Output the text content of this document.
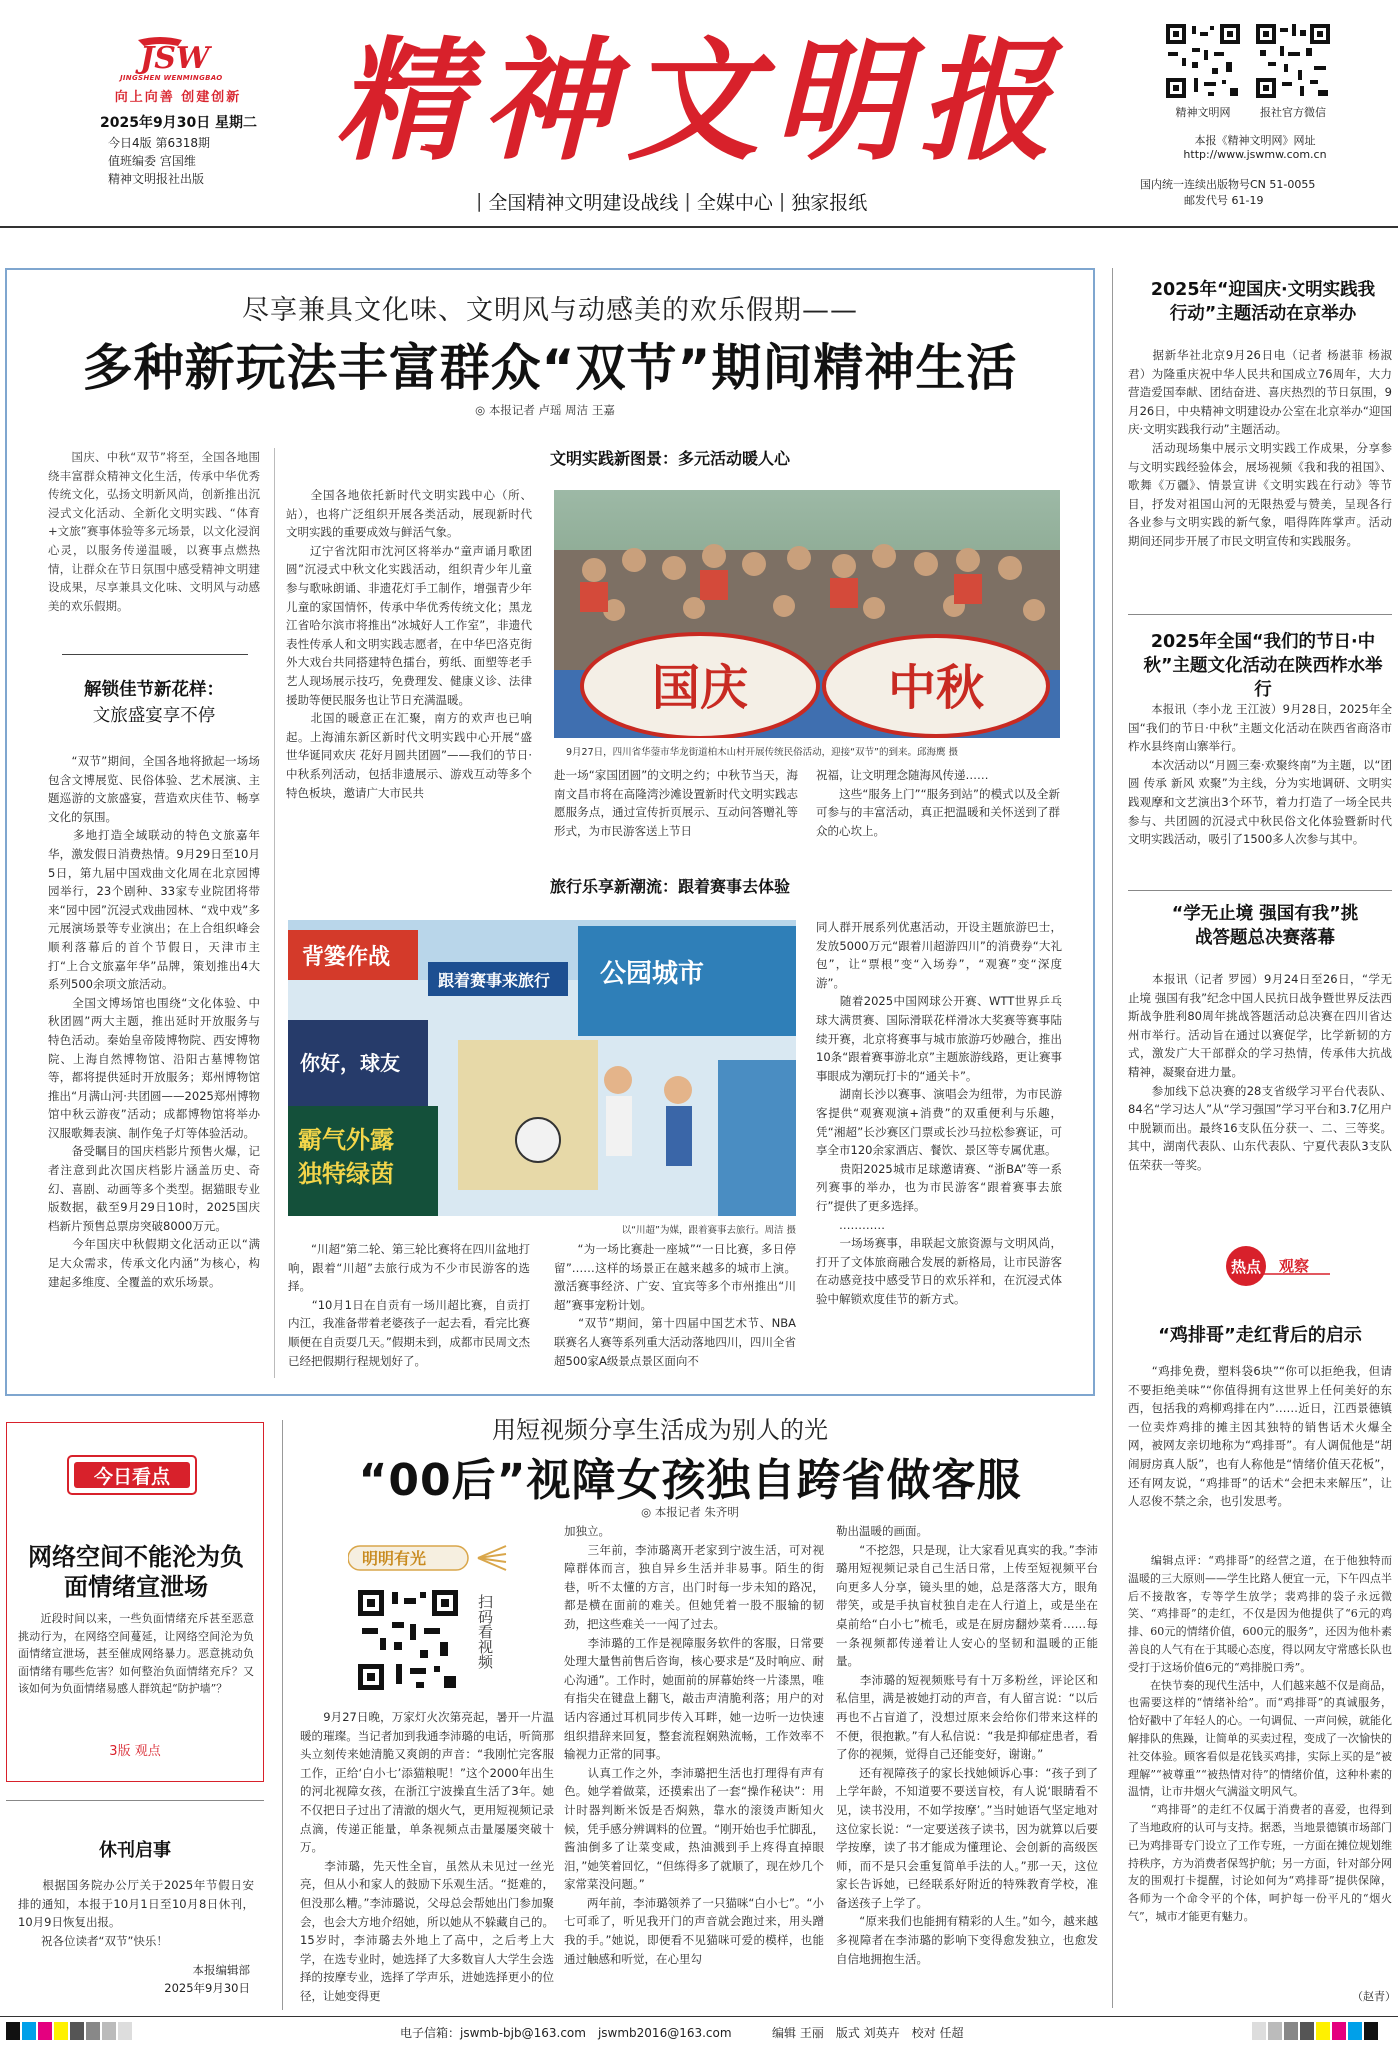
JSW
JINGSHEN WENMINGBAO
向上向善 创建创新
2025年9月30日 星期二
今日4版 第6318期
值班编委 宫国维
精神文明报社出版 精神文明报	精神文明网	报社官方微信
本报《精神文明网》网址
http://www.jswmw.com.cn
国内统一连续出版物号CN 51-0055
邮发代号 61-19
| 全国精神文明建设战线 | 全媒中心 | 独家报纸
尽享兼具文化味、文明风与动感美的欢乐假期——
多种新玩法丰富群众“双节”期间精神生活
◎ 本报记者 卢瑶 周洁 王嘉
　　国庆、中秋“双节”将至，全国各地围绕丰富群众精神文化生活，传承中华优秀传统文化，弘扬文明新风尚，创新推出沉浸式文化活动、全新化文明实践、“体育+文旅”赛事体验等多元场景，以文化浸润心灵，以服务传递温暖，以赛事点燃热情，让群众在节日氛围中感受精神文明建设成果，尽享兼具文化味、文明风与动感美的欢乐假期。
解锁佳节新花样：
文旅盛宴享不停
　　“双节”期间，全国各地将掀起一场场包含文博展览、民俗体验、艺术展演、主题巡游的文旅盛宴，营造欢庆佳节、畅享文化的氛围。
　　多地打造全域联动的特色文旅嘉年华，激发假日消费热情。9月29日至10月5日，第九届中国戏曲文化周在北京园博园举行，23个剧种、33家专业院团将带来“园中园”沉浸式戏曲园林、“戏中戏”多元展演场景等专业演出；在上合组织峰会顺利落幕后的首个节假日，天津市主打“上合文旅嘉年华”品牌，策划推出4大系列500余项文旅活动。
　　全国文博场馆也围绕“文化体验、中秋团圆”两大主题，推出延时开放服务与特色活动。秦始皇帝陵博物院、西安博物院、上海自然博物馆、沿阳古墓博物馆等，都将提供延时开放服务；郑州博物馆推出“月满山河·共团圆——2025郑州博物馆中秋云游夜”活动；成都博物馆将举办汉服歌舞表演、制作兔子灯等体验活动。
　　备受瞩目的国庆档影片预售火爆，记者注意到此次国庆档影片涵盖历史、奇幻、喜剧、动画等多个类型。据猫眼专业版数据，截至9月29日10时，2025国庆档新片预售总票房突破8000万元。
　　今年国庆中秋假期文化活动正以“满足大众需求，传承文化内涵”为核心，构建起多维度、全覆盖的欢乐场景。
文明实践新图景：多元活动暖人心
　　全国各地依托新时代文明实践中心（所、站），也将广泛组织开展各类活动，展现新时代文明实践的重要成效与鲜活气象。
　　辽宁省沈阳市沈河区将举办“童声诵月歌团圆”沉浸式中秋文化实践活动，组织青少年儿童参与歌咏朗诵、非遗花灯手工制作，增强青少年儿童的家国情怀，传承中华优秀传统文化；黑龙江省哈尔滨市将推出“冰城好人工作室”，非遗代表性传承人和文明实践志愿者，在中华巴洛克街外大戏台共同搭建特色擂台，剪纸、面塑等老手艺人现场展示技巧，免费理发、健康义诊、法律援助等便民服务也让节日充满温暖。
　　北国的暖意正在汇聚，南方的欢声也已响起。上海浦东新区新时代文明实践中心开展“盛世华诞同欢庆 花好月圆共团圆”——我们的节日·中秋系列活动，包括非遗展示、游戏互动等多个特色板块，邀请广大市民共
国庆	中秋
9月27日，四川省华蓥市华龙街道柏木山村开展传统民俗活动，迎接“双节”的到来。邱海鹰 摄
赴一场“家国团圆”的文明之约；中秋节当天，海南文昌市将在高隆湾沙滩设置新时代文明实践志愿服务点，通过宣传折页展示、互动问答赠礼等形式，为市民游客送上节日
祝福，让文明理念随海风传递……
　　这些“服务上门”“服务到站”的模式以及全新可参与的丰富活动，真正把温暖和关怀送到了群众的心坎上。
旅行乐享新潮流：跟着赛事去体验
背篓作战
跟着赛事来旅行 公园城市
你好，球友
霸气外露
独特绿茵
以“川超”为媒，跟着赛事去旅行。周洁 摄
　　“川超”第二轮、第三轮比赛将在四川盆地打响，跟着“川超”去旅行成为不少市民游客的选择。
　　“10月1日在自贡有一场川超比赛，自贡打内江，我准备带着老婆孩子一起去看，看完比赛顺便在自贡耍几天。”假期未到，成都市民周文杰已经把假期行程规划好了。
　　“为一场比赛赴一座城”“一日比赛，多日停留”……这样的场景正在越来越多的城市上演。激活赛事经济、广安、宜宾等多个市州推出“川超”赛事宠粉计划。
　　“双节”期间，第十四届中国艺术节、NBA联赛名人赛等系列重大活动落地四川，四川全省超500家A级景点景区面向不
同人群开展系列优惠活动，开设主题旅游巴士，发放5000万元“跟着川超游四川”的消费券“大礼包”，让“票根”变“入场券”，“观赛”变“深度游”。
　　随着2025中国网球公开赛、WTT世界乒乓球大满贯赛、国际滑联花样滑冰大奖赛等赛事陆续开赛，北京将赛事与城市旅游巧妙融合，推出10条“跟着赛事游北京”主题旅游线路，更让赛事事眼成为潮玩打卡的“通关卡”。
　　湖南长沙以赛事、演唱会为纽带，为市民游客提供“观赛观演+消费”的双重便利与乐趣，凭“湘超”长沙赛区门票或长沙马拉松参赛证，可享全市120余家酒店、餐饮、景区等专属优惠。
　　贵阳2025城市足球邀请赛、“浙BA”等一系列赛事的举办，也为市民游客“跟着赛事去旅行”提供了更多选择。
　　…………
　　一场场赛事，串联起文旅资源与文明风尚，打开了文体旅商融合发展的新格局，让市民游客在动感竞技中感受节日的欢乐祥和，在沉浸式体验中解锁欢度佳节的新方式。
2025年“迎国庆·文明实践我行动”主题活动在京举办
　　据新华社北京9月26日电（记者 杨湛菲 杨淑君）为隆重庆祝中华人民共和国成立76周年，大力营造爱国奉献、团结奋进、喜庆热烈的节日氛围，9月26日，中央精神文明建设办公室在北京举办“迎国庆·文明实践我行动”主题活动。
　　活动现场集中展示文明实践工作成果，分享参与文明实践经验体会，展场视频《我和我的祖国》、歌舞《万疆》、情景宣讲《文明实践在行动》等节目，抒发对祖国山河的无限热爱与赞美，呈现各行各业参与文明实践的新气象，唱得阵阵掌声。活动期间还同步开展了市民文明宣传和实践服务。
2025年全国“我们的节日·中秋”主题文化活动在陕西柞水举行
　　本报讯（李小龙 王江波）9月28日，2025年全国“我们的节日·中秋”主题文化活动在陕西省商洛市柞水县终南山寨举行。
　　本次活动以“月圆三秦·欢聚终南”为主题，以“团圆 传承 新风 欢聚”为主线，分为实地调研、文明实践观摩和文艺演出3个环节，着力打造了一场全民共参与、共团圆的沉浸式中秋民俗文化体验暨新时代文明实践活动，吸引了1500多人次参与其中。
“学无止境 强国有我”挑战答题总决赛落幕
　　本报讯（记者 罗园）9月24日至26日，“学无止境 强国有我”纪念中国人民抗日战争暨世界反法西斯战争胜利80周年挑战答题活动总决赛在四川省达州市举行。活动旨在通过以赛促学，比学新韧的方式，激发广大干部群众的学习热情，传承伟大抗战精神，凝聚奋进力量。
　　参加线下总决赛的28支省级学习平台代表队、84名“学习达人”从“学习强国”学习平台和3.7亿用户中脱颖而出。最终16支队伍分获一、二、三等奖。其中，湖南代表队、山东代表队、宁夏代表队3支队伍荣获一等奖。
热点 观察
“鸡排哥”走红背后的启示
　　“鸡排免费，塑料袋6块”“你可以拒绝我，但请不要拒绝美味”“你值得拥有这世界上任何美好的东西，包括我的鸡柳鸡排在内”……近日，江西景德镇一位卖炸鸡排的摊主因其独特的销售话术火爆全网，被网友亲切地称为“鸡排哥”。有人调侃他是“胡闹厨房真人版”，也有人称他是“情绪价值天花板”，还有网友说，“鸡排哥”的话术“会把未来解压”，让人忍俊不禁之余，也引发思考。
　　编辑点评：“鸡排哥”的经营之道，在于他独特而温暖的三大原则——学生比路人便宜一元，下午四点半后不接散客，专等学生放学；裴鸡排的袋子永远微笑、“鸡排哥”的走红，不仅是因为他提供了“6元的鸡排、60元的情绪价值，600元的服务”，还因为他朴素善良的人气有在于其暖心态度，得以网友守常感长队也受打于这场价值6元的“鸡排脱口秀”。
　　在快节奏的现代生活中，人们越来越不仅是商品，也需要这样的“情绪补给”。而“鸡排哥”的真诚服务，恰好戳中了年轻人的心。一句调侃、一声问候，就能化解排队的焦躁，让简单的买卖过程，变成了一次愉快的社交体验。顾客看似是花钱买鸡排，实际上买的是“被理解”“被尊重”“被热情对待”的情绪价值，这种朴素的温情，让市井烟火气满溢文明风气。
　　“鸡排哥”的走红不仅属于消费者的喜爱，也得到了当地政府的认可与支持。据悉，当地景德镇市场部门已为鸡排哥专门设立了工作专班，一方面在摊位规划维持秩序，方为消费者保驾护航；另一方面，针对部分网友的围观打卡提醒，讨论如何为“鸡排哥”提供保障，各师为一个命令平的个体，呵护每一份平凡的“烟火气”，城市才能更有魅力。
（赵青）
用短视频分享生活成为别人的光
“00后”视障女孩独自跨省做客服
◎ 本报记者 朱齐明
明明有光
扫码看视频
　　9月27日晚，万家灯火次第亮起，暑开一片温暖的璀璨。当记者加到我通李沛璐的电话，听筒那头立刻传来她清脆又爽朗的声音：“我刚忙完客服工作，正给‘白小七’添猫粮呢！”这个2000年出生的河北视障女孩，在浙江宁波操直生活了3年。她不仅把日子过出了清澈的烟火气，更用短视频记录点滴，传递正能量，单条视频点击量屡屡突破十万。
　　李沛璐，先天性全盲，虽然从未见过一丝光亮，但从小和家人的鼓励下乐观生活。“挺难的，但没那么糟。”李沛璐说，父母总会帮她出门参加聚会，也会大方地介绍她，所以她从不躲藏自己的。15岁时，李沛璐去外地上了高中，之后考上大学，在选专业时，她选择了大多数盲人大学生会选择的按摩专业，选择了学声乐，进她选择更小的位径，让她变得更
加独立。
　　三年前，李沛璐离开老家到宁波生活，可对视障群体而言，独自异乡生活并非易事。陌生的街巷，听不太懂的方言，出门时每一步未知的路况，都是横在面前的难关。但她凭着一股不服输的韧劲，把这些难关一一闯了过去。
　　李沛璐的工作是视障服务软件的客服，日常要处理大量售前售后咨询，核心要求是“及时响应、耐心沟通”。工作时，她面前的屏幕始终一片漆黑，唯有指尖在键盘上翻飞，敲击声清脆利落；用户的对话内容通过耳机同步传入耳畔，她一边听一边快速组织措辞来回复，整套流程娴熟流畅，工作效率不输视力正常的同事。
　　认真工作之外，李沛璐把生活也打理得有声有色。她学着做菜，还摸索出了一套“操作秘诀”：用计时器判断米饭是否焖熟，靠水的滚烫声断知火候，凭手感分辨调料的位置。“刚开始也手忙脚乱，酱油倒多了让菜变咸，热油溅到手上疼得直掉眼泪，”她笑着回忆，“但练得多了就顺了，现在炒几个家常菜没问题。”
　　两年前，李沛璐领养了一只猫咪“白小七”。“小七可乖了，听见我开门的声音就会跑过来，用头蹭我的手。”她说，即便看不见猫咪可爱的模样，也能通过触感和听觉，在心里勾
勒出温暖的画面。
　　“不挖怨，只是现，让大家看见真实的我。”李沛璐用短视频记录自己生活日常，上传至短视频平台向更多人分享，镜头里的她，总是落落大方，眼角带笑，或是手执盲杖独自走在人行道上，或是坐在桌前给“白小七”梳毛，或是在厨房翻炒菜肴……每一条视频都传递着让人安心的坚韧和温暖的正能量。
　　李沛璐的短视频账号有十万多粉丝，评论区和私信里，满是被她打动的声音，有人留言说：“以后再也不占盲道了，没想过原来会给你们带来这样的不便，很抱歉。”有人私信说：“我是抑郁症患者，看了你的视频，觉得自己还能变好，谢谢。”
　　还有视障孩子的家长找她倾诉心事：“孩子到了上学年龄，不知道要不要送盲校，有人说‘眼睛看不见，读书没用，不如学按摩’。”当时她语气坚定地对这位家长说：“一定要送孩子读书，因为就算以后要学按摩，读了书才能成为懂理论、会创新的高级医师，而不是只会重复简单手法的人。”那一天，这位家长告诉她，已经联系好附近的特殊教育学校，准备送孩子上学了。
　　“原来我们也能拥有精彩的人生。”如今，越来越多视障者在李沛璐的影响下变得愈发独立，也愈发自信地拥抱生活。
今日看点
网络空间不能沦为负面情绪宣泄场
　　近段时间以来，一些负面情绪充斥甚至恶意挑动行为，在网络空间蔓延，让网络空间沦为负面情绪宣泄场，甚至催成网络暴力。恶意挑动负面情绪有哪些危害？如何整治负面情绪充斥？又该如何为负面情绪易感人群筑起“防护墙”？
3版 观点
休刊启事
　　根据国务院办公厅关于2025年节假日安排的通知，本报于10月1日至10月8日休刊，10月9日恢复出报。
　　祝各位读者“双节”快乐！
本报编辑部
2025年9月30日
电子信箱：jswmb-bjb@163.com　jswmb2016@163.com	编辑 王丽　版式 刘英卉　校对 任超
